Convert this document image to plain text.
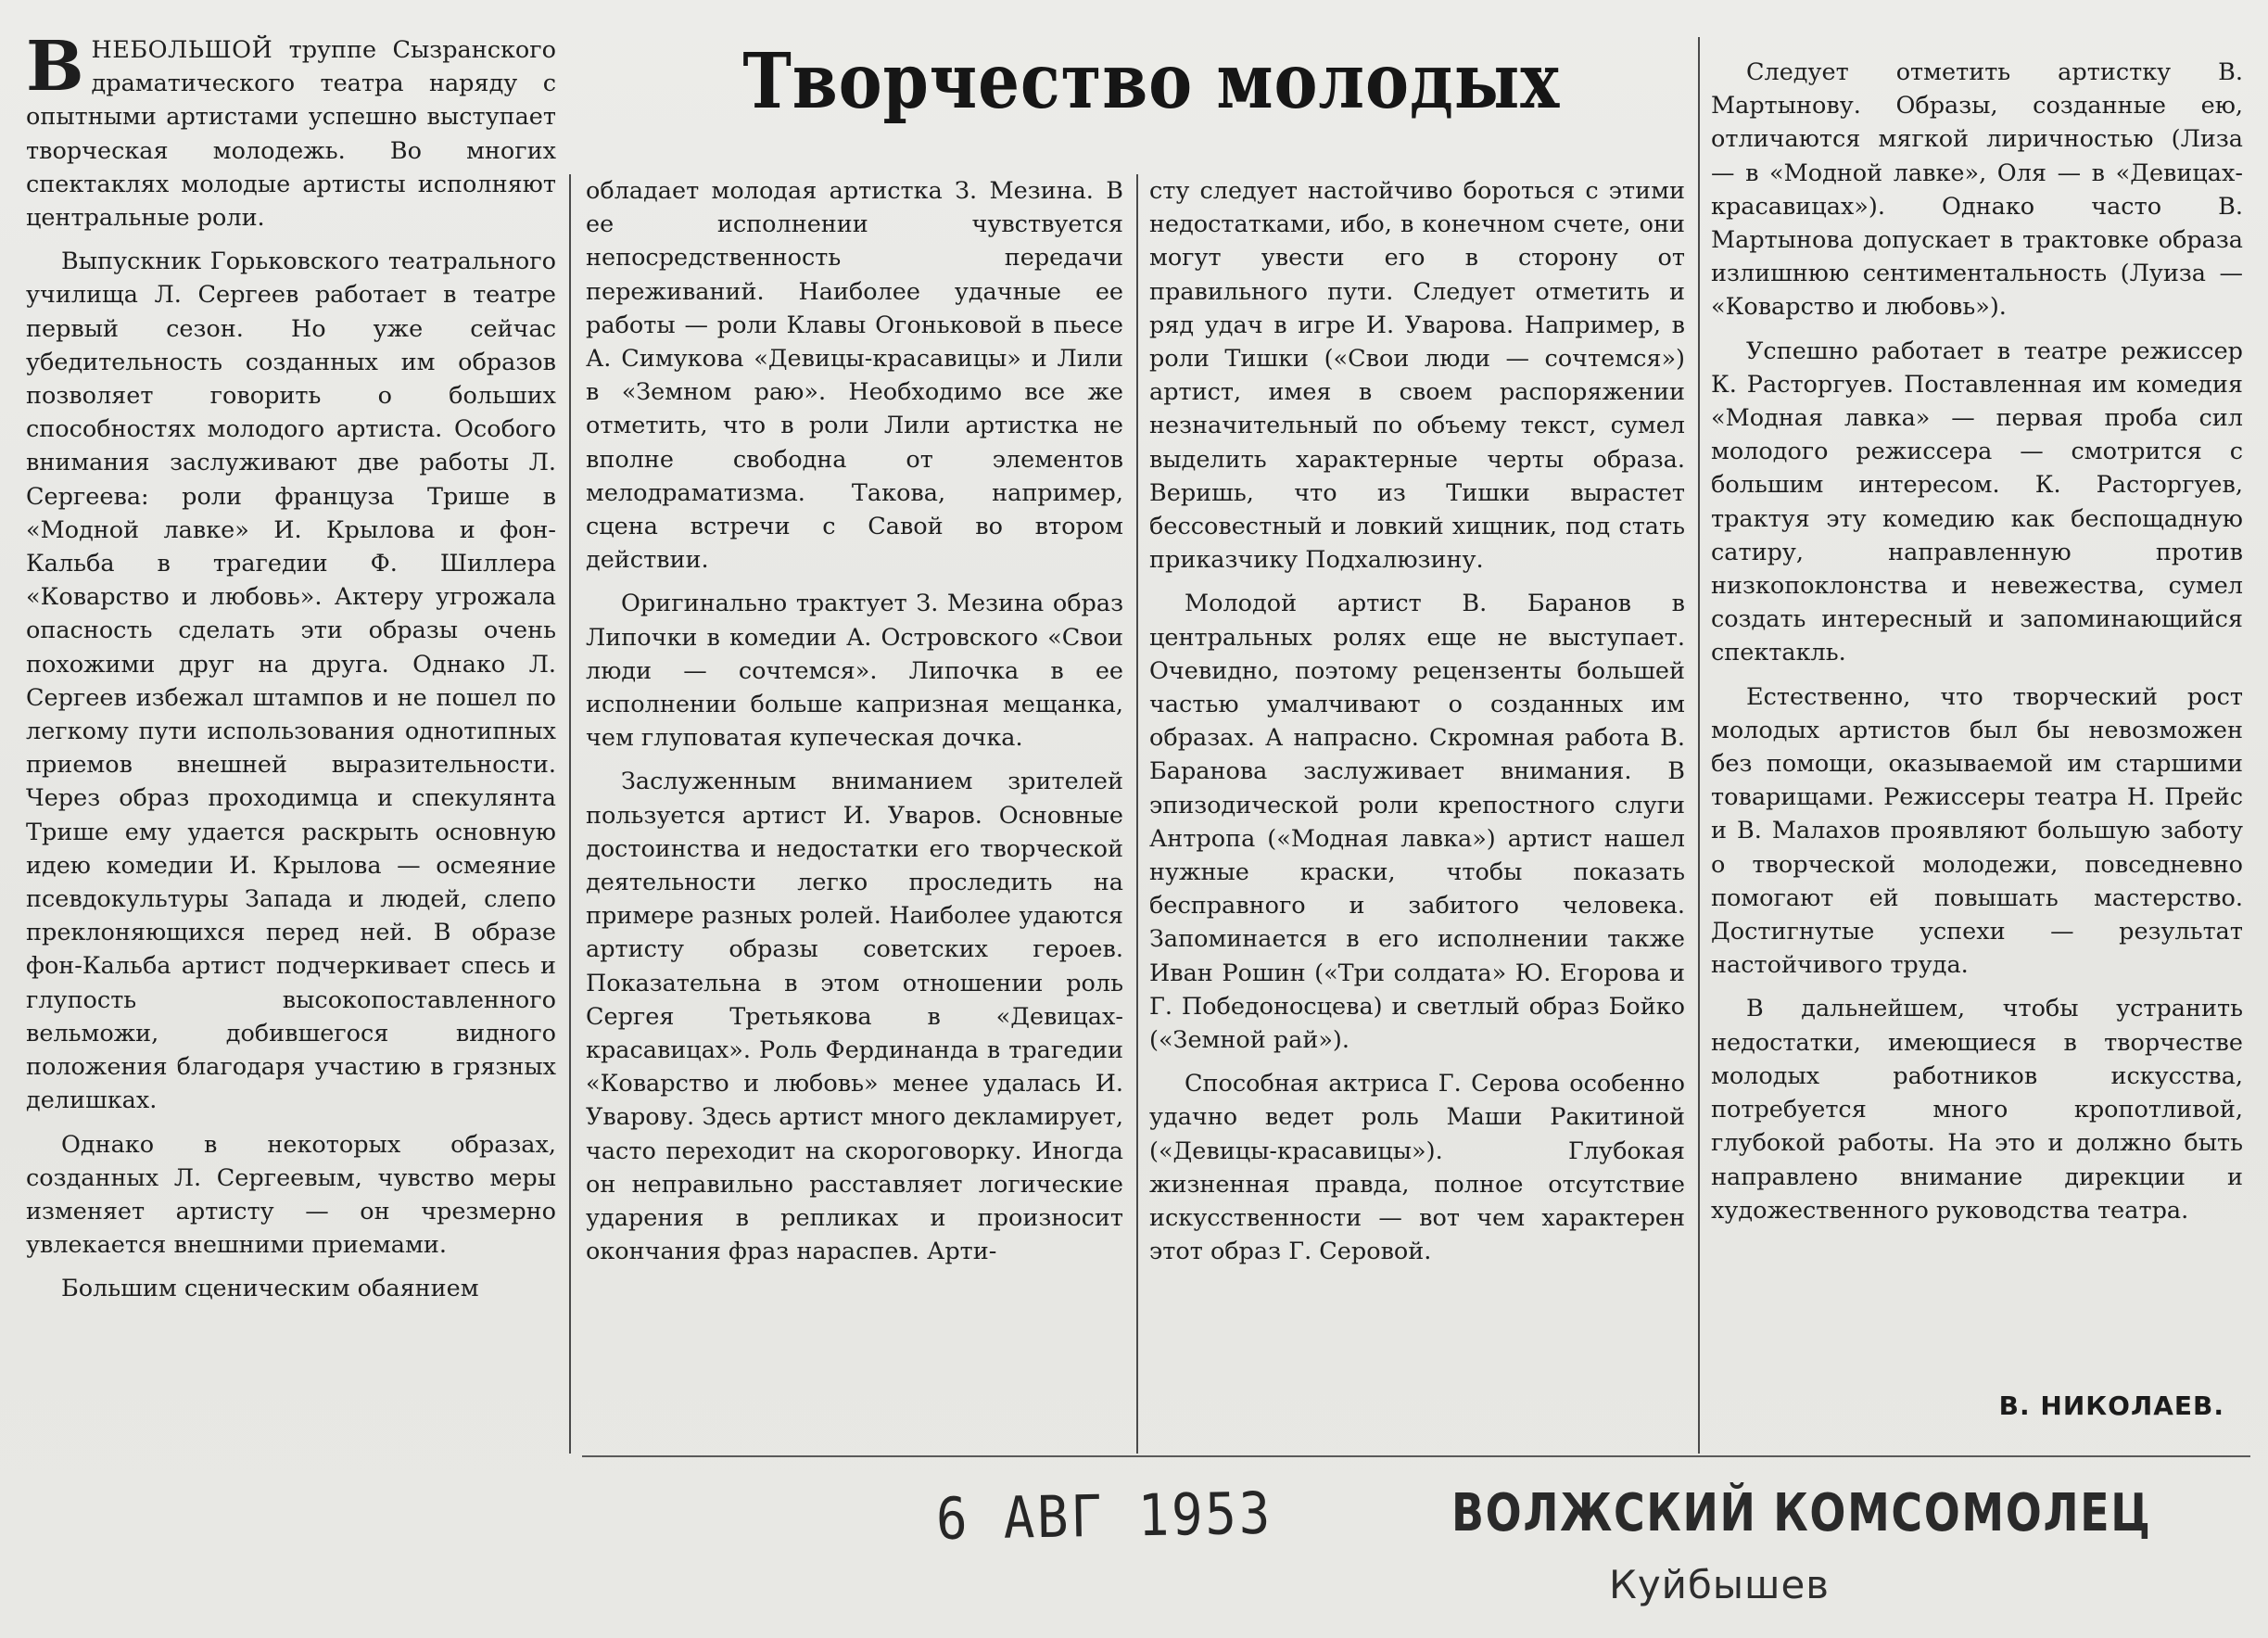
Творчество молодых

ВНЕБОЛЬШОЙ труппе Сызранского драматического театра наряду с опытными артистами успешно выступает творческая молодежь. Во многих спектаклях молодые артисты исполняют центральные роли.

Выпускник Горьковского театрального училища Л. Сергеев работает в театре первый сезон. Но уже сейчас убедительность созданных им образов позволяет говорить о больших способностях молодого артиста. Особого внимания заслуживают две работы Л. Сергеева: роли француза Трише в «Модной лавке» И. Крылова и фон-Кальба в трагедии Ф. Шиллера «Коварство и любовь». Актеру угрожала опасность сделать эти образы очень похожими друг на друга. Однако Л. Сергеев избежал штампов и не пошел по легкому пути использования однотипных приемов внешней выразительности. Через образ проходимца и спекулянта Трише ему удается раскрыть основную идею комедии И. Крылова — осмеяние псевдокультуры Запада и людей, слепо преклоняющихся перед ней. В образе фон-Кальба артист подчеркивает спесь и глупость высокопоставленного вельможи, добившегося видного положения благодаря участию в грязных делишках.

Однако в некоторых образах, созданных Л. Сергеевым, чувство меры изменяет артисту — он чрезмерно увлекается внешними приемами.

Большим сценическим обаянием

обладает молодая артистка З. Мезина. В ее исполнении чувствуется непосредственность передачи переживаний. Наиболее удачные ее работы — роли Клавы Огоньковой в пьесе А. Симукова «Девицы-красавицы» и Лили в «Земном раю». Необходимо все же отметить, что в роли Лили артистка не вполне свободна от элементов мелодраматизма. Такова, например, сцена встречи с Савой во втором действии.

Оригинально трактует З. Мезина образ Липочки в комедии А. Островского «Свои люди — сочтемся». Липочка в ее исполнении больше капризная мещанка, чем глуповатая купеческая дочка.

Заслуженным вниманием зрителей пользуется артист И. Уваров. Основные достоинства и недостатки его творческой деятельности легко проследить на примере разных ролей. Наиболее удаются артисту образы советских героев. Показательна в этом отношении роль Сергея Третьякова в «Девицах-красавицах». Роль Фердинанда в трагедии «Коварство и любовь» менее удалась И. Уварову. Здесь артист много декламирует, часто переходит на скороговорку. Иногда он неправильно расставляет логические ударения в репликах и произносит окончания фраз нараспев. Арти-

сту следует настойчиво бороться с этими недостатками, ибо, в конечном счете, они могут увести его в сторону от правильного пути. Следует отметить и ряд удач в игре И. Уварова. Например, в роли Тишки («Свои люди — сочтемся») артист, имея в своем распоряжении незначительный по объему текст, сумел выделить характерные черты образа. Веришь, что из Тишки вырастет бессовестный и ловкий хищник, под стать приказчику Подхалюзину.

Молодой артист В. Баранов в центральных ролях еще не выступает. Очевидно, поэтому рецензенты большей частью умалчивают о созданных им образах. А напрасно. Скромная работа В. Баранова заслуживает внимания. В эпизодической роли крепостного слуги Антропа («Модная лавка») артист нашел нужные краски, чтобы показать бесправного и забитого человека. Запоминается в его исполнении также Иван Рошин («Три солдата» Ю. Егорова и Г. Победоносцева) и светлый образ Бойко («Земной рай»).

Способная актриса Г. Серова особенно удачно ведет роль Маши Ракитиной («Девицы-красавицы»). Глубокая жизненная правда, полное отсутствие искусственности — вот чем характерен этот образ Г. Серовой.

Следует отметить артистку В. Мартынову. Образы, созданные ею, отличаются мягкой лиричностью (Лиза — в «Модной лавке», Оля — в «Девицах-красавицах»). Однако часто В. Мартынова допускает в трактовке образа излишнюю сентиментальность (Луиза — «Коварство и любовь»).

Успешно работает в театре режиссер К. Расторгуев. Поставленная им комедия «Модная лавка» — первая проба сил молодого режиссера — смотрится с большим интересом. К. Расторгуев, трактуя эту комедию как беспощадную сатиру, направленную против низкопоклонства и невежества, сумел создать интересный и запоминающийся спектакль.

Естественно, что творческий рост молодых артистов был бы невозможен без помощи, оказываемой им старшими товарищами. Режиссеры театра Н. Прейс и В. Малахов проявляют большую заботу о творческой молодежи, повседневно помогают ей повышать мастерство. Достигнутые успехи — результат настойчивого труда.

В дальнейшем, чтобы устранить недостатки, имеющиеся в творчестве молодых работников искусства, потребуется много кропотливой, глубокой работы. На это и должно быть направлено внимание дирекции и художественного руководства театра.

В. НИКОЛАЕВ.
6 АВГ 1953	ВОЛЖСКИЙ КОМСОМОЛЕЦ
Куйбышев
